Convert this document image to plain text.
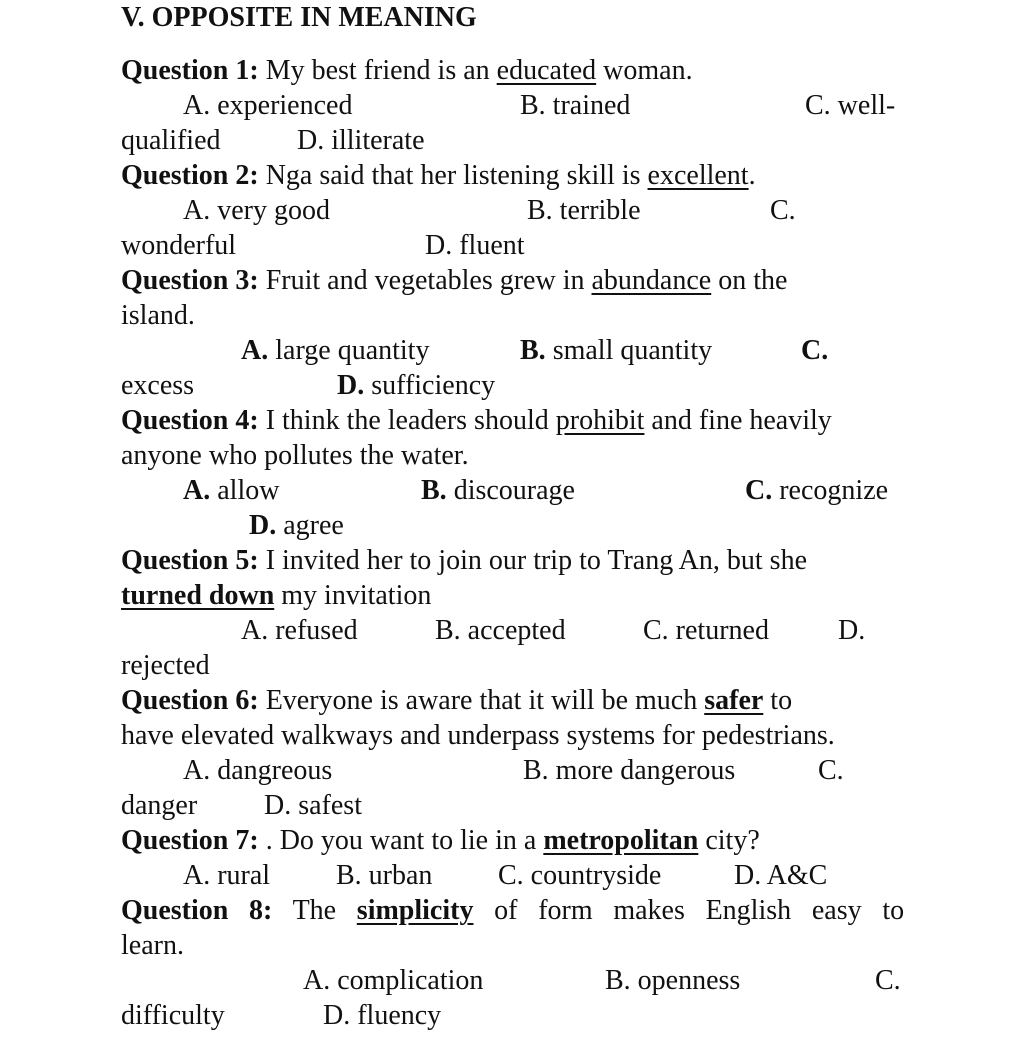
V. OPPOSITE IN MEANING
Question 1: My best friend is an educated woman.
A. experienced	B. trained	C. well-
qualified	D. illiterate
Question 2: Nga said that her listening skill is excellent.
A. very good	B. terrible	C.
wonderful	D. fluent
Question 3: Fruit and vegetables grew in abundance on the
island.
A. large quantity	B. small quantity	C.
excess	D. sufficiency
Question 4: I think the leaders should prohibit and fine heavily
anyone who pollutes the water.
A. allow	B. discourage	C. recognize
D. agree
Question 5: I invited her to join our trip to Trang An, but she
turned down my invitation
A. refused	B. accepted	C. returned D.
rejected
Question 6: Everyone is aware that it will be much safer to
have elevated walkways and underpass systems for pedestrians.
A. dangreous	B. more dangerous	C.
danger D. safest
Question 7: . Do you want to lie in a metropolitan city?
A. rural B. urban C. countryside	D. A&C
Question 8: The simplicity of form makes English easy to
learn.
A. complication	B. openness	C.
difficulty	D. fluency
